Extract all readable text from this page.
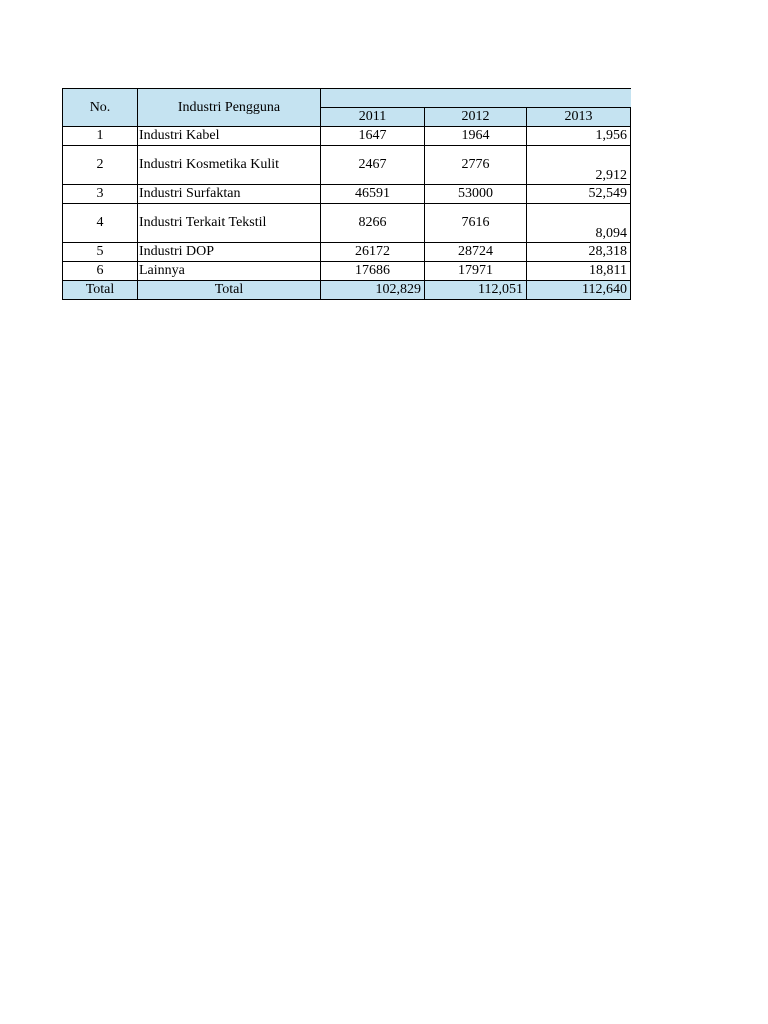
No.	Industri Pengguna			
		2011	2012	2013
1	Industri Kabel	1647	1964	1,956
2	Industri Kosmetika Kulit	2467	2776	2,912
3	Industri Surfaktan	46591	53000	52,549
4	Industri Terkait Tekstil	8266	7616	8,094
5	Industri DOP	26172	28724	28,318
6	Lainnya	17686	17971	18,811
Total	Total	102,829	112,051	112,640
